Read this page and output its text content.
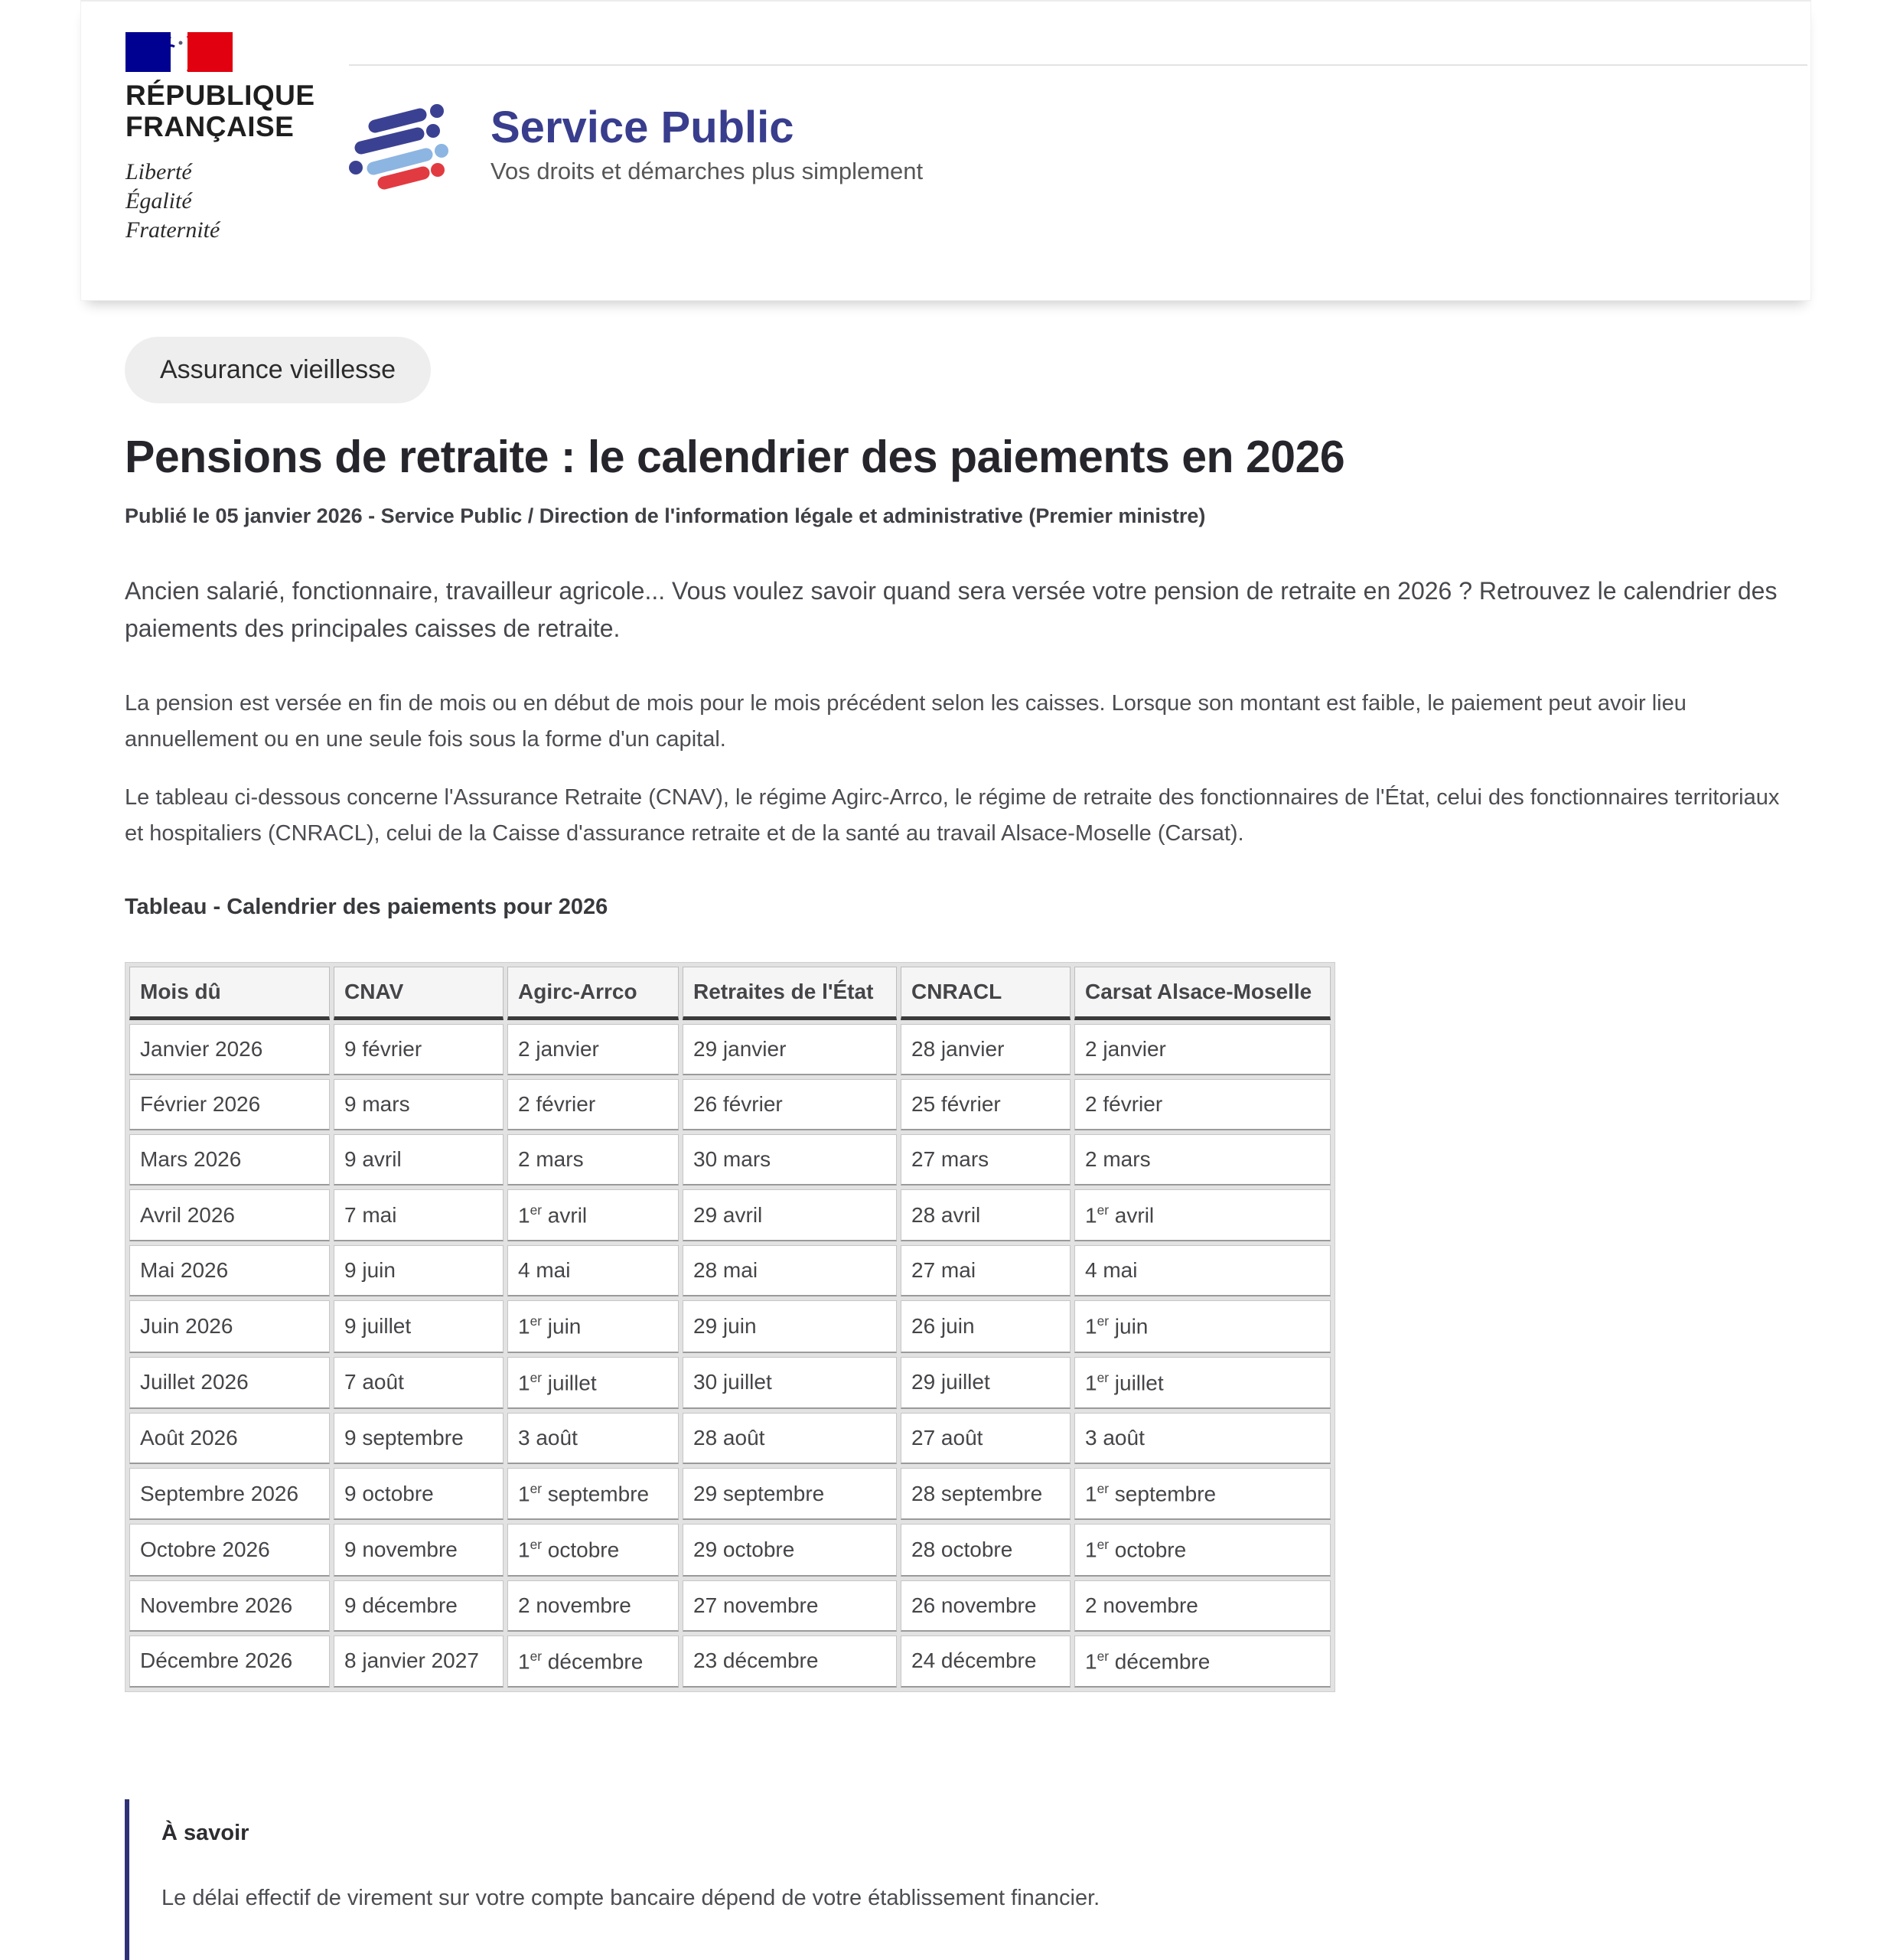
RÉPUBLIQUE
FRANÇAISE
Liberté
Égalité
Fraternité
Service Public
Vos droits et démarches plus simplement
Assurance vieillesse
Pensions de retraite : le calendrier des paiements en 2026
Publié le 05 janvier 2026 - Service Public / Direction de l'information légale et administrative (Premier ministre)

Ancien salarié, fonctionnaire, travailleur agricole... Vous voulez savoir quand sera versée votre pension de retraite en 2026 ? Retrouvez le calendrier des paiements des principales caisses de retraite.

La pension est versée en fin de mois ou en début de mois pour le mois précédent selon les caisses. Lorsque son montant est faible, le paiement peut avoir lieu annuellement ou en une seule fois sous la forme d'un capital.

Le tableau ci-dessous concerne l'Assurance Retraite (CNAV), le régime Agirc-Arrco, le régime de retraite des fonctionnaires de l'État, celui des fonctionnaires territoriaux et hospitaliers (CNRACL), celui de la Caisse d'assurance retraite et de la santé au travail Alsace-Moselle (Carsat).

Tableau - Calendrier des paiements pour 2026
Mois dû	CNAV	Agirc-Arrco	Retraites de l'État	CNRACL	Carsat Alsace-Moselle
Janvier 2026	9 février	2 janvier	29 janvier	28 janvier	2 janvier
Février 2026	9 mars	2 février	26 février	25 février	2 février
Mars 2026	9 avril	2 mars	30 mars	27 mars	2 mars
Avril 2026	7 mai	1er avril	29 avril	28 avril	1er avril
Mai 2026	9 juin	4 mai	28 mai	27 mai	4 mai
Juin 2026	9 juillet	1er juin	29 juin	26 juin	1er juin
Juillet 2026	7 août	1er juillet	30 juillet	29 juillet	1er juillet
Août 2026	9 septembre	3 août	28 août	27 août	3 août
Septembre 2026	9 octobre	1er septembre	29 septembre	28 septembre	1er septembre
Octobre 2026	9 novembre	1er octobre	29 octobre	28 octobre	1er octobre
Novembre 2026	9 décembre	2 novembre	27 novembre	26 novembre	2 novembre
Décembre 2026	8 janvier 2027	1er décembre	23 décembre	24 décembre	1er décembre
À savoir
Le délai effectif de virement sur votre compte bancaire dépend de votre établissement financier.
